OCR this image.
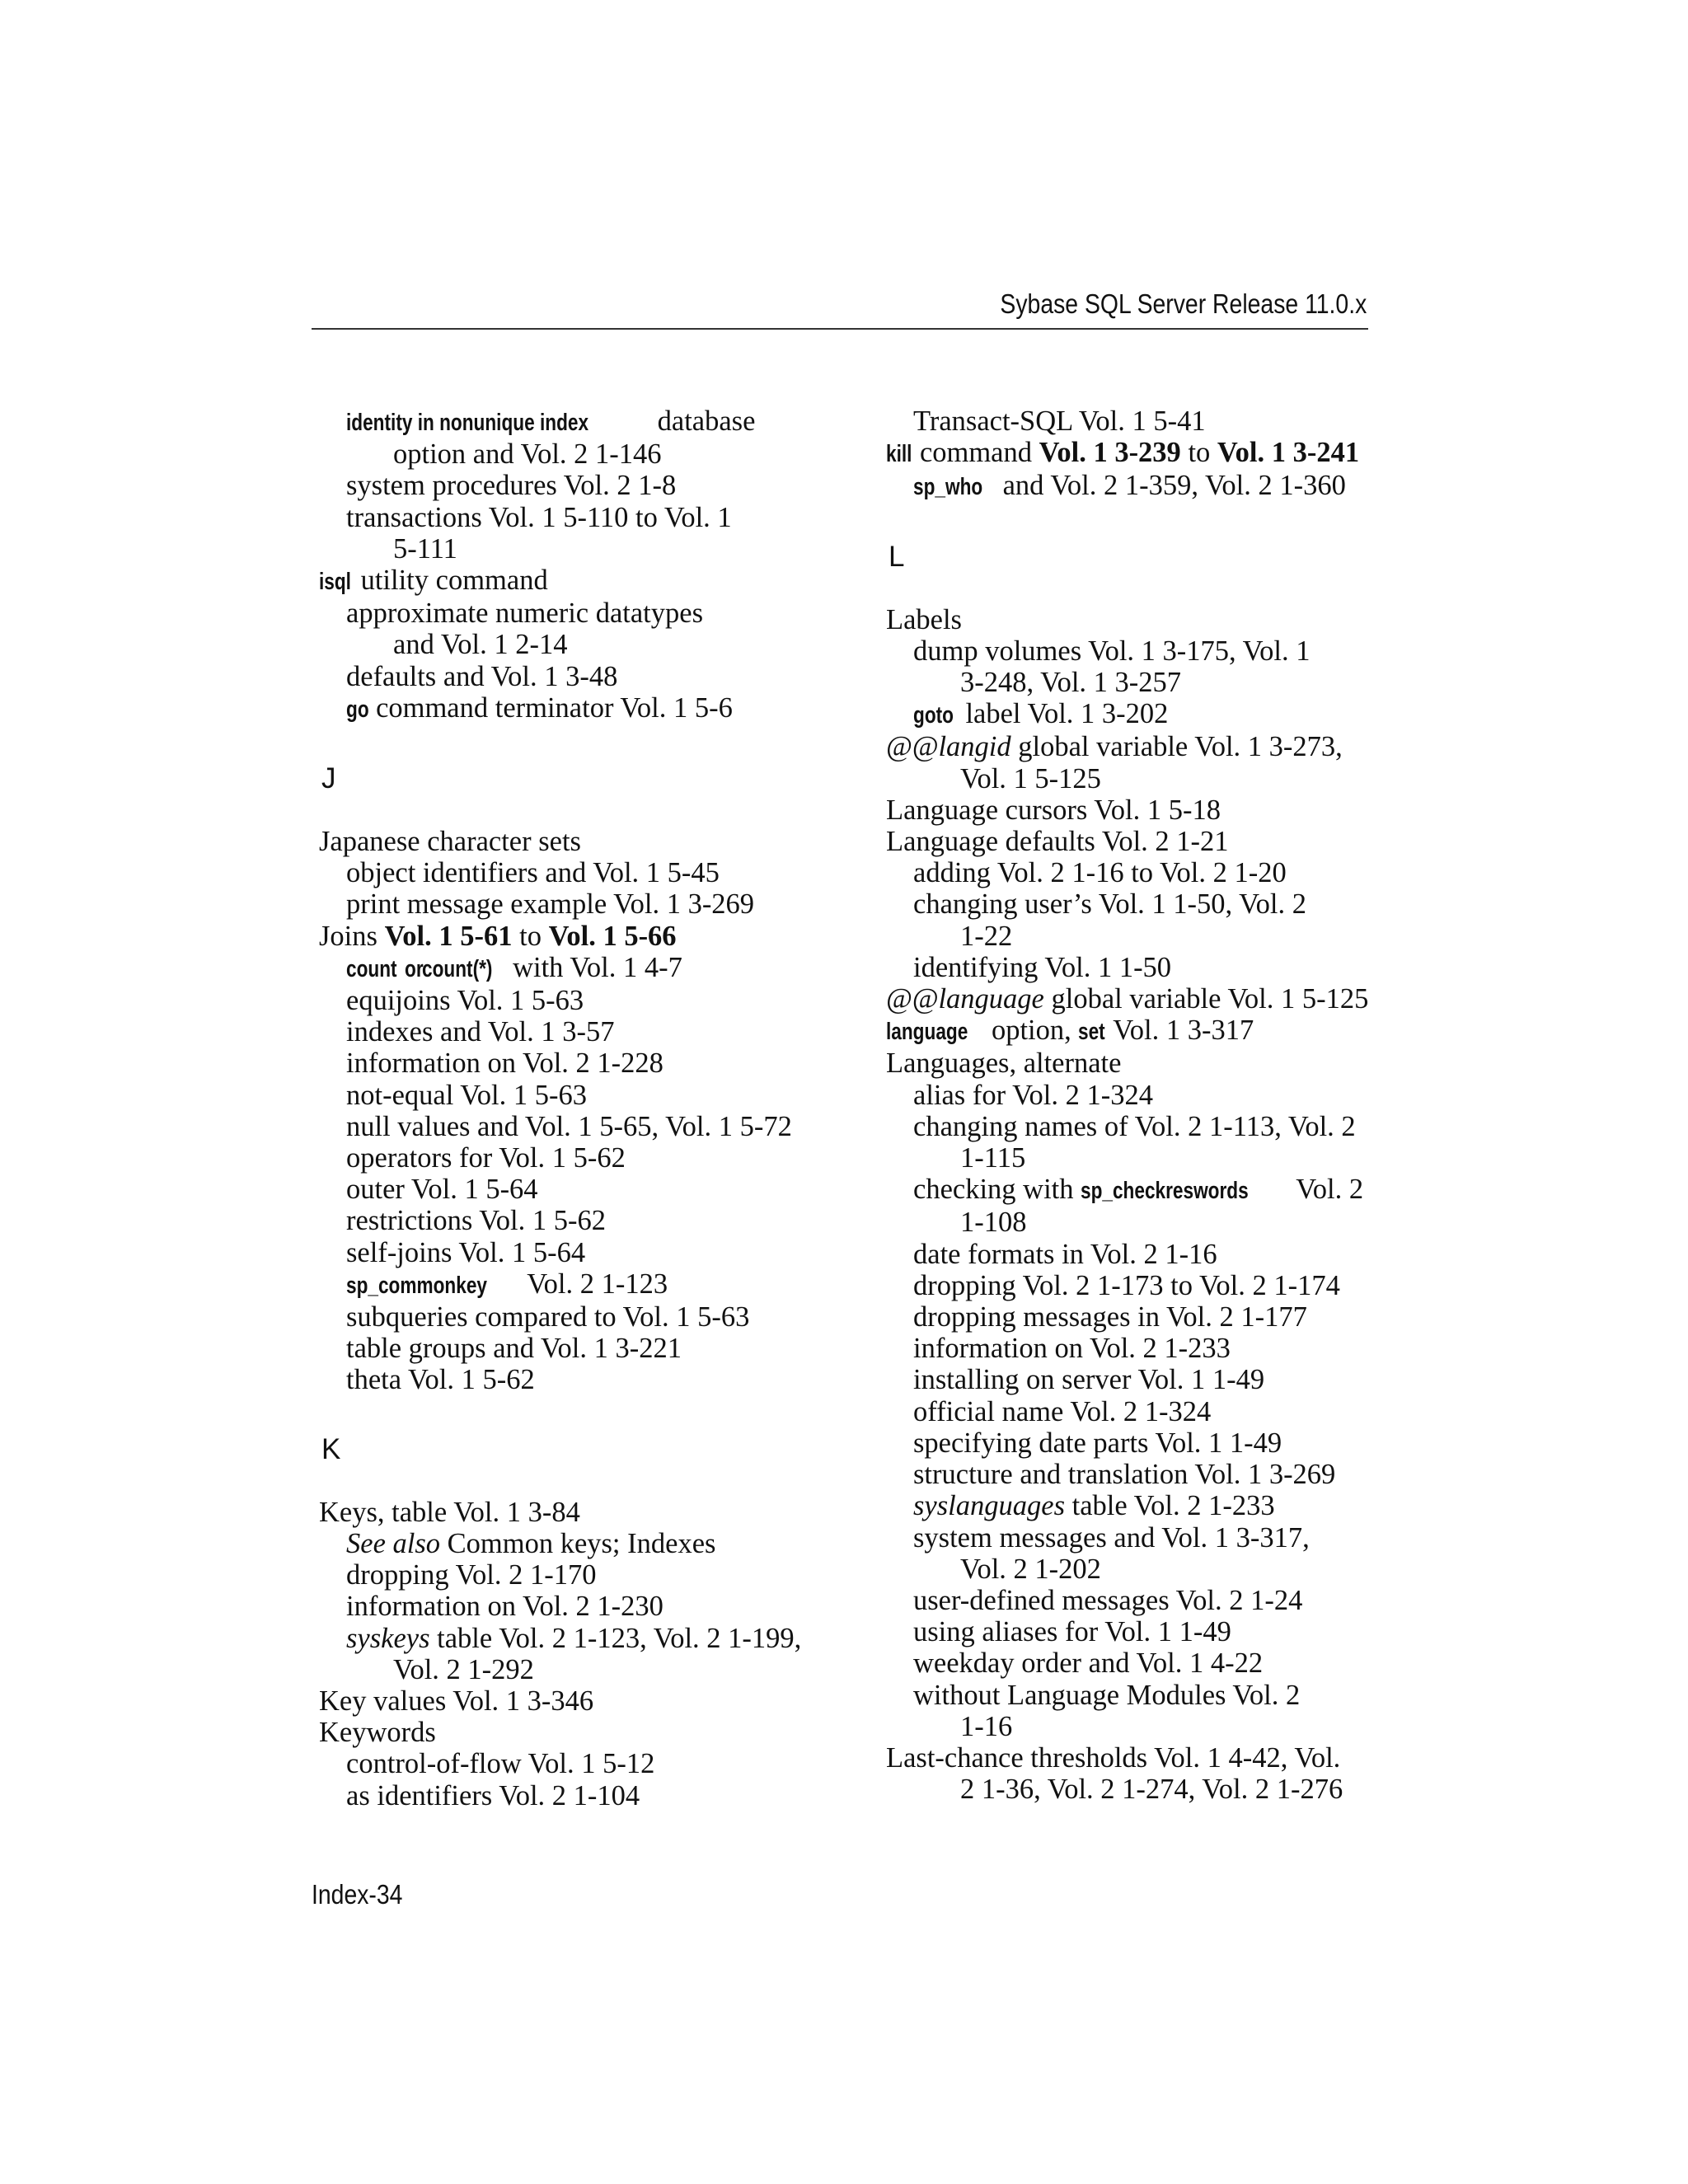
Sybase SQL Server Release 11.0.x
identity in nonunique index database
option and Vol. 2 1-146
system procedures Vol. 2 1-8
transactions Vol. 1 5-110 to Vol. 1
5-111
isql utility command
approximate numeric datatypes
and Vol. 1 2-14
defaults and Vol. 1 3-48
go command terminator Vol. 1 5-6
J
Japanese character sets
object identifiers and Vol. 1 5-45
print message example Vol. 1 3-269
Joins Vol. 1 5-61 to Vol. 1 5-66
countorcount(*) with Vol. 1 4-7
equijoins Vol. 1 5-63
indexes and Vol. 1 3-57
information on Vol. 2 1-228
not-equal Vol. 1 5-63
null values and Vol. 1 5-65, Vol. 1 5-72
operators for Vol. 1 5-62
outer Vol. 1 5-64
restrictions Vol. 1 5-62
self-joins Vol. 1 5-64
sp_commonkey Vol. 2 1-123
subqueries compared to Vol. 1 5-63
table groups and Vol. 1 3-221
theta Vol. 1 5-62
K
Keys, table Vol. 1 3-84
See also Common keys; Indexes
dropping Vol. 2 1-170
information on Vol. 2 1-230
syskeys table Vol. 2 1-123, Vol. 2 1-199,
Vol. 2 1-292
Key values Vol. 1 3-346
Keywords
control-of-flow Vol. 1 5-12
as identifiers Vol. 2 1-104
Transact-SQL Vol. 1 5-41
kill command Vol. 1 3-239 to Vol. 1 3-241
sp_who and Vol. 2 1-359, Vol. 2 1-360
L
Labels
dump volumes Vol. 1 3-175, Vol. 1
3-248, Vol. 1 3-257
goto label Vol. 1 3-202
@@langid global variable Vol. 1 3-273,
Vol. 1 5-125
Language cursors Vol. 1 5-18
Language defaults Vol. 2 1-21
adding Vol. 2 1-16 to Vol. 2 1-20
changing user’s Vol. 1 1-50, Vol. 2
1-22
identifying Vol. 1 1-50
@@language global variable Vol. 1 5-125
language option, set Vol. 1 3-317
Languages, alternate
alias for Vol. 2 1-324
changing names of Vol. 2 1-113, Vol. 2
1-115
checking with sp_checkreswords Vol. 2
1-108
date formats in Vol. 2 1-16
dropping Vol. 2 1-173 to Vol. 2 1-174
dropping messages in Vol. 2 1-177
information on Vol. 2 1-233
installing on server Vol. 1 1-49
official name Vol. 2 1-324
specifying date parts Vol. 1 1-49
structure and translation Vol. 1 3-269
syslanguages table Vol. 2 1-233
system messages and Vol. 1 3-317,
Vol. 2 1-202
user-defined messages Vol. 2 1-24
using aliases for Vol. 1 1-49
weekday order and Vol. 1 4-22
without Language Modules Vol. 2
1-16
Last-chance thresholds Vol. 1 4-42, Vol.
2 1-36, Vol. 2 1-274, Vol. 2 1-276
Index-34
